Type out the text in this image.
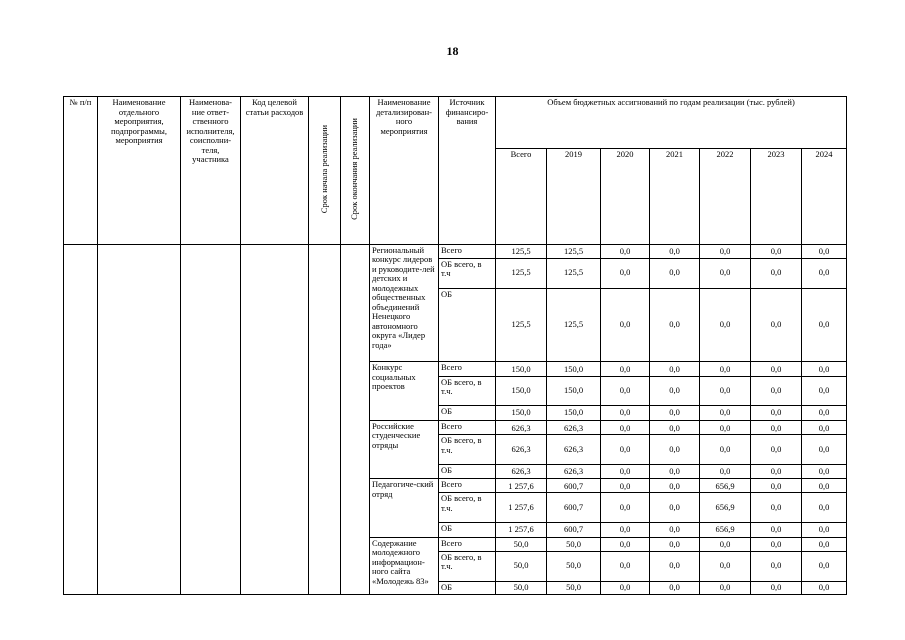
18
№ п/п	Наименование отдельного мероприятия, подпрограммы, мероприятия	Наименова-ние ответ-ственного исполнителя, соисполни-теля, участника	Код целевой статьи расходов	Срок начала реализации	Срок окончания реализации	Наименование детализирован-ного мероприятия	Источник финансиро-вания	Объем бюджетных ассигнований по годам реализации (тыс. рублей)						
								Всего	2019	2020	2021	2022	2023	2024
						Региональный конкурс лидеров и руководите-лей детских и молодежных общественных объединений Ненецкого автономного округа «Лидер года»	Всего	125,5	125,5	0,0	0,0	0,0	0,0	0,0
							ОБ всего, в т.ч	125,5	125,5	0,0	0,0	0,0	0,0	0,0
							ОБ	125,5	125,5	0,0	0,0	0,0	0,0	0,0
						Конкурс социальных проектов	Всего	150,0	150,0	0,0	0,0	0,0	0,0	0,0
							ОБ всего, в т.ч.	150,0	150,0	0,0	0,0	0,0	0,0	0,0
							ОБ	150,0	150,0	0,0	0,0	0,0	0,0	0,0
						Российские студенческие отряды	Всего	626,3	626,3	0,0	0,0	0,0	0,0	0,0
							ОБ всего, в т.ч.	626,3	626,3	0,0	0,0	0,0	0,0	0,0
							ОБ	626,3	626,3	0,0	0,0	0,0	0,0	0,0
						Педагогиче-ский отряд	Всего	1 257,6	600,7	0,0	0,0	656,9	0,0	0,0
							ОБ всего, в т.ч.	1 257,6	600,7	0,0	0,0	656,9	0,0	0,0
							ОБ	1 257,6	600,7	0,0	0,0	656,9	0,0	0,0
						Содержание молодежного информацион-ного сайта «Молодежь 83»	Всего	50,0	50,0	0,0	0,0	0,0	0,0	0,0
							ОБ всего, в т.ч.	50,0	50,0	0,0	0,0	0,0	0,0	0,0
							ОБ	50,0	50,0	0,0	0,0	0,0	0,0	0,0
